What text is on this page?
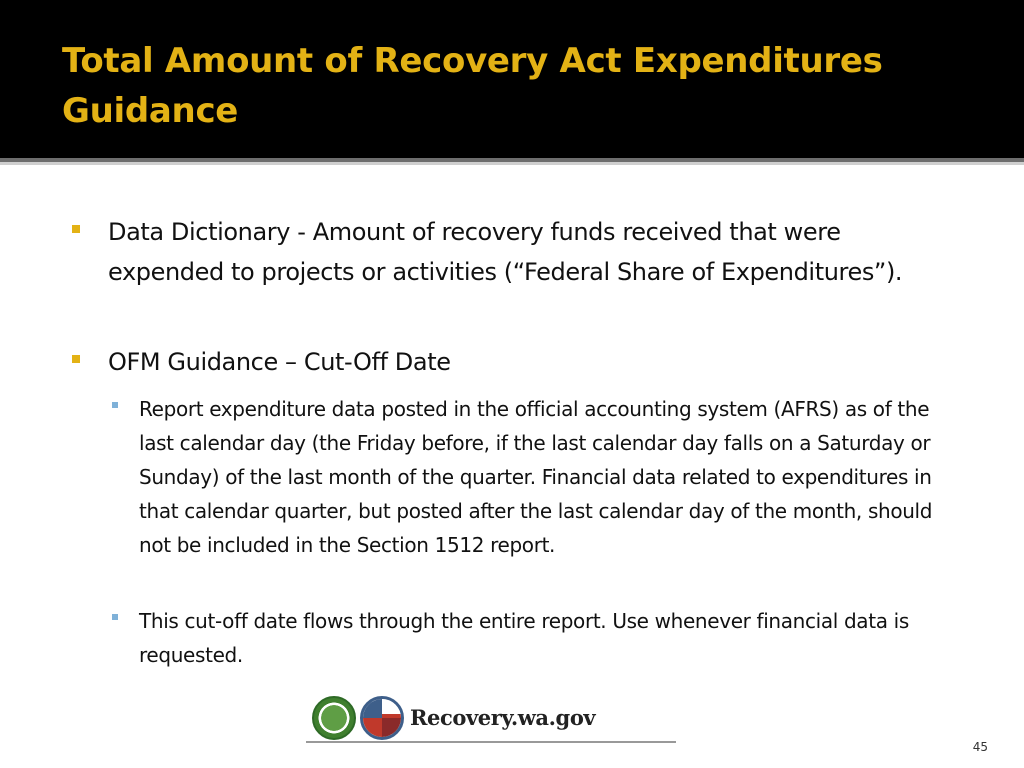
Total Amount of Recovery Act Expenditures Guidance
Data Dictionary - Amount of recovery funds received that were expended to projects or activities (“Federal Share of Expenditures”).
OFM Guidance – Cut-Off Date
Report expenditure data posted in the official accounting system (AFRS) as of the last calendar day (the Friday before, if the last calendar day falls on a Saturday or Sunday) of the last month of the quarter. Financial data related to expenditures in that calendar quarter, but posted after the last calendar day of the month, should not be included in the Section 1512 report.
This cut-off date flows through the entire report. Use whenever financial data is requested.
Recovery.wa.gov
45
